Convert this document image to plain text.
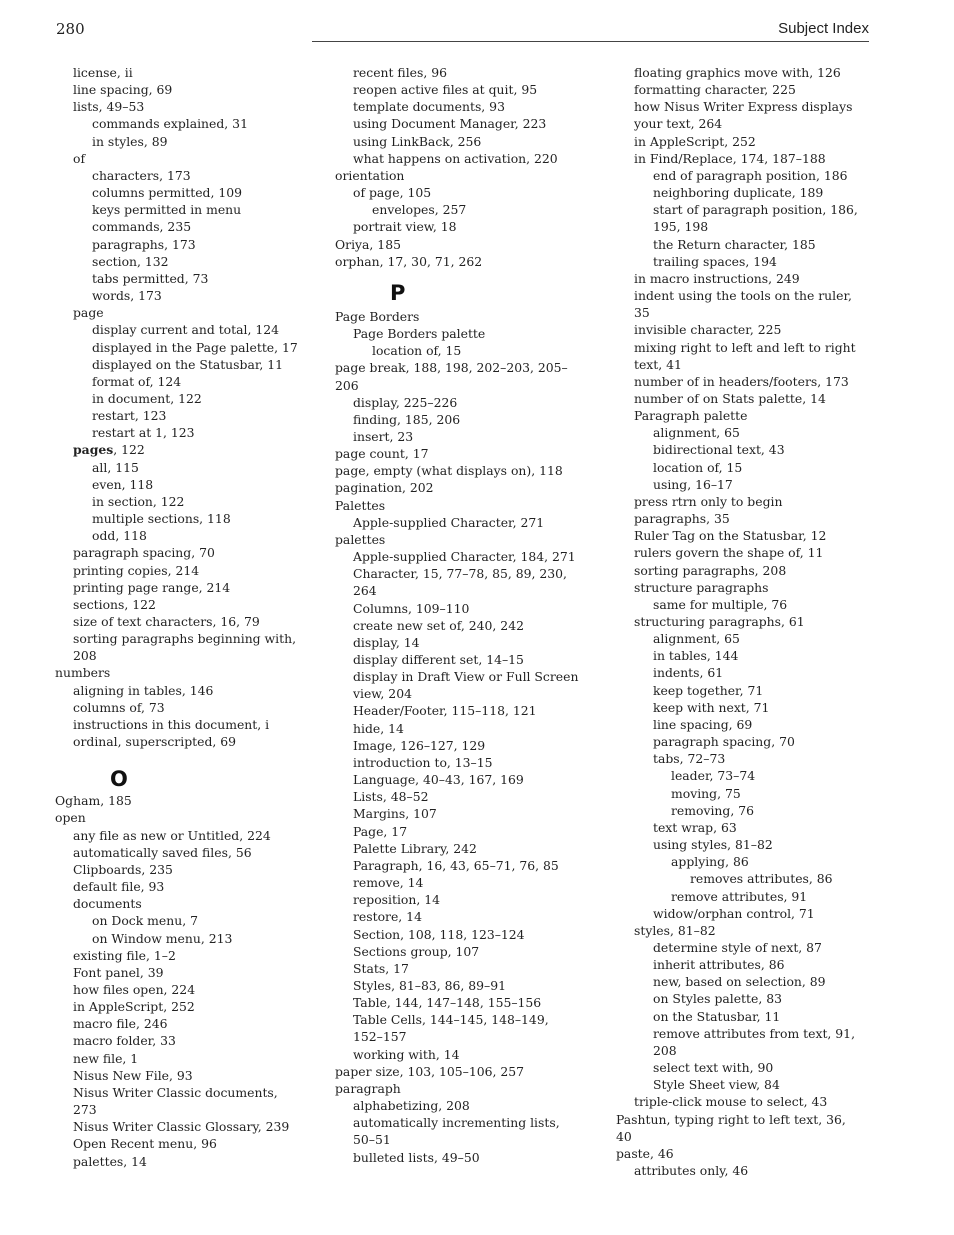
280	Subject Index
license, ii
line spacing, 69
lists, 49–53
commands explained, 31
in styles, 89
of
characters, 173
columns permitted, 109
keys permitted in menu
commands, 235
paragraphs, 173
section, 132
tabs permitted, 73
words, 173
page
display current and total, 124
displayed in the Page palette, 17
displayed on the Statusbar, 11
format of, 124
in document, 122
restart, 123
restart at 1, 123
pages, 122
all, 115
even, 118
in section, 122
multiple sections, 118
odd, 118
paragraph spacing, 70
printing copies, 214
printing page range, 214
sections, 122
size of text characters, 16, 79
sorting paragraphs beginning with,
208
numbers
aligning in tables, 146
columns of, 73
instructions in this document, i
ordinal, superscripted, 69
O
Ogham, 185
open
any file as new or Untitled, 224
automatically saved files, 56
Clipboards, 235
default file, 93
documents
on Dock menu, 7
on Window menu, 213
existing file, 1–2
Font panel, 39
how files open, 224
in AppleScript, 252
macro file, 246
macro folder, 33
new file, 1
Nisus New File, 93
Nisus Writer Classic documents,
273
Nisus Writer Classic Glossary, 239
Open Recent menu, 96
palettes, 14
recent files, 96
reopen active files at quit, 95
template documents, 93
using Document Manager, 223
using LinkBack, 256
what happens on activation, 220
orientation
of page, 105
envelopes, 257
portrait view, 18
Oriya, 185
orphan, 17, 30, 71, 262
P
Page Borders
Page Borders palette
location of, 15
page break, 188, 198, 202–203, 205–
206
display, 225–226
finding, 185, 206
insert, 23
page count, 17
page, empty (what displays on), 118
pagination, 202
Palettes
Apple-supplied Character, 271
palettes
Apple-supplied Character, 184, 271
Character, 15, 77–78, 85, 89, 230,
264
Columns, 109–110
create new set of, 240, 242
display, 14
display different set, 14–15
display in Draft View or Full Screen
view, 204
Header/Footer, 115–118, 121
hide, 14
Image, 126–127, 129
introduction to, 13–15
Language, 40–43, 167, 169
Lists, 48–52
Margins, 107
Page, 17
Palette Library, 242
Paragraph, 16, 43, 65–71, 76, 85
remove, 14
reposition, 14
restore, 14
Section, 108, 118, 123–124
Sections group, 107
Stats, 17
Styles, 81–83, 86, 89–91
Table, 144, 147–148, 155–156
Table Cells, 144–145, 148–149,
152–157
working with, 14
paper size, 103, 105–106, 257
paragraph
alphabetizing, 208
automatically incrementing lists,
50–51
bulleted lists, 49–50
floating graphics move with, 126
formatting character, 225
how Nisus Writer Express displays
your text, 264
in AppleScript, 252
in Find/Replace, 174, 187–188
end of paragraph position, 186
neighboring duplicate, 189
start of paragraph position, 186,
195, 198
the Return character, 185
trailing spaces, 194
in macro instructions, 249
indent using the tools on the ruler,
35
invisible character, 225
mixing right to left and left to right
text, 41
number of in headers/footers, 173
number of on Stats palette, 14
Paragraph palette
alignment, 65
bidirectional text, 43
location of, 15
using, 16–17
press rtrn only to begin
paragraphs, 35
Ruler Tag on the Statusbar, 12
rulers govern the shape of, 11
sorting paragraphs, 208
structure paragraphs
same for multiple, 76
structuring paragraphs, 61
alignment, 65
in tables, 144
indents, 61
keep together, 71
keep with next, 71
line spacing, 69
paragraph spacing, 70
tabs, 72–73
leader, 73–74
moving, 75
removing, 76
text wrap, 63
using styles, 81–82
applying, 86
removes attributes, 86
remove attributes, 91
widow/orphan control, 71
styles, 81–82
determine style of next, 87
inherit attributes, 86
new, based on selection, 89
on Styles palette, 83
on the Statusbar, 11
remove attributes from text, 91,
208
select text with, 90
Style Sheet view, 84
triple-click mouse to select, 43
Pashtun, typing right to left text, 36,
40
paste, 46
attributes only, 46
